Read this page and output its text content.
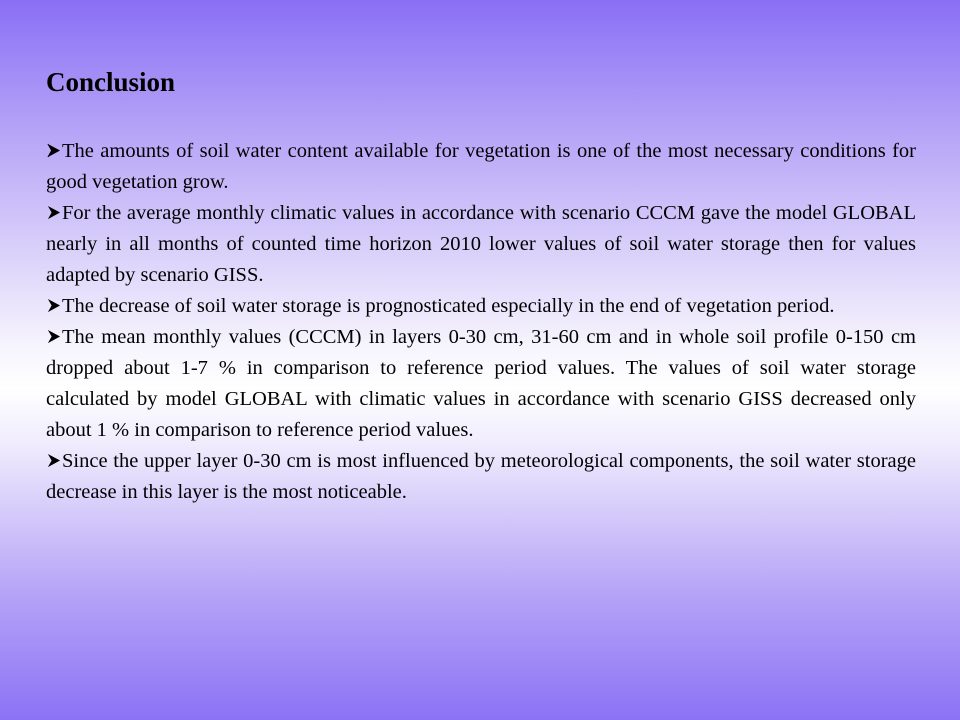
Conclusion
The amounts of soil water content available for vegetation is one of the most necessary conditions for good vegetation grow.
For the average monthly climatic values in accordance with scenario CCCM gave the model GLOBAL nearly in all months of counted time horizon 2010 lower values of soil water storage then for values adapted by scenario GISS.
The decrease of soil water storage is prognosticated especially in the end of vegetation period.
The mean monthly values (CCCM) in layers 0-30 cm, 31-60 cm and in whole soil profile 0-150 cm dropped about 1-7 % in comparison to reference period values. The values of soil water storage calculated by model GLOBAL with climatic values in accordance with scenario GISS decreased only about 1 % in comparison to reference period values.
Since the upper layer 0-30 cm is most influenced by meteorological components, the soil water storage decrease in this layer is the most noticeable.
